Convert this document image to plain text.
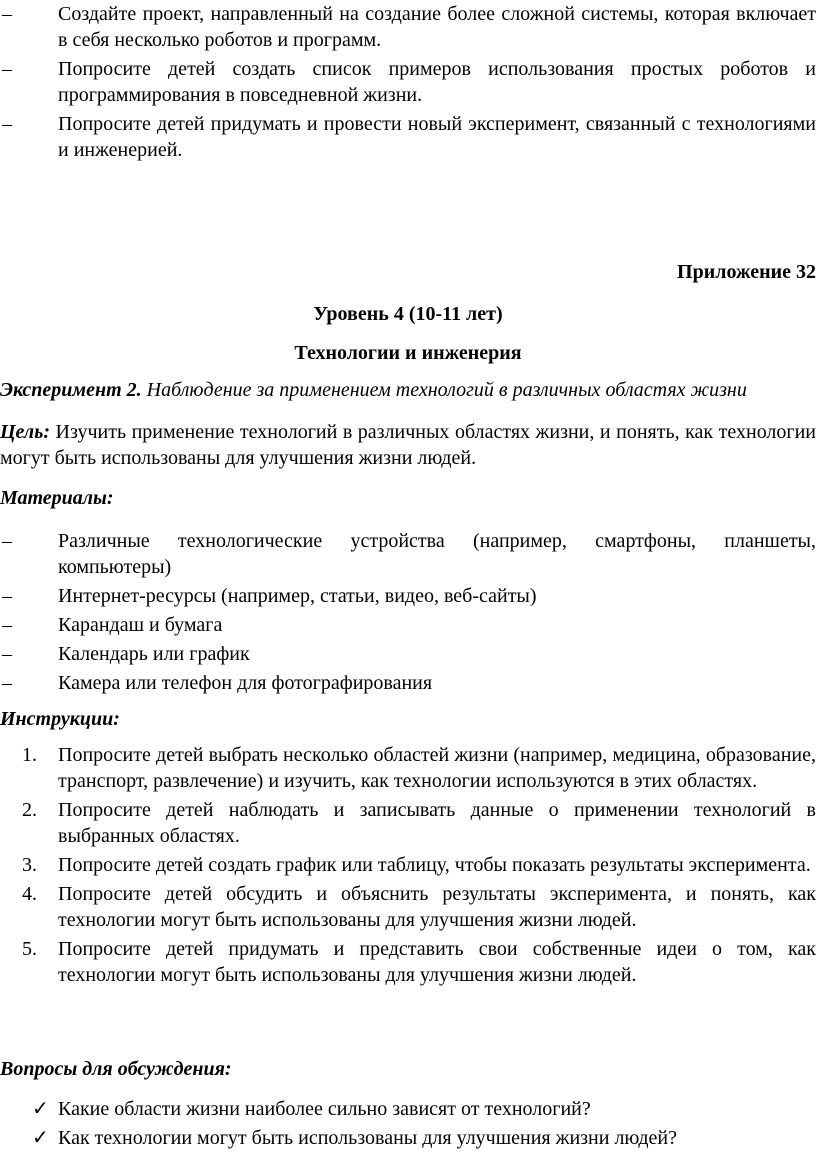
–	Создайте проект, направленный на создание более сложной системы, которая включает в себя несколько роботов и программ.
–	Попросите детей создать список примеров использования простых роботов и программирования в повседневной жизни.
–	Попросите детей придумать и провести новый эксперимент, связанный с технологиями и инженерией.

Приложение 32

Уровень 4 (10-11 лет)

Технологии и инженерия

Эксперимент 2. Наблюдение за применением технологий в различных областях жизни

Цель: Изучить применение технологий в различных областях жизни, и понять, как технологии могут быть использованы для улучшения жизни людей.

Материалы:

–	Различные технологические устройства (например, смартфоны, планшеты, компьютеры)
–	Интернет-ресурсы (например, статьи, видео, веб-сайты)
–	Карандаш и бумага
–	Календарь или график
–	Камера или телефон для фотографирования

Инструкции:

1.	Попросите детей выбрать несколько областей жизни (например, медицина, образование, транспорт, развлечение) и изучить, как технологии используются в этих областях.
2.	Попросите детей наблюдать и записывать данные о применении технологий в выбранных областях.
3.	Попросите детей создать график или таблицу, чтобы показать результаты эксперимента.
4.	Попросите детей обсудить и объяснить результаты эксперимента, и понять, как технологии могут быть использованы для улучшения жизни людей.
5.	Попросите детей придумать и представить свои собственные идеи о том, как технологии могут быть использованы для улучшения жизни людей.

Вопросы для обсуждения:

✓ Какие области жизни наиболее сильно зависят от технологий?
✓ Как технологии могут быть использованы для улучшения жизни людей?
